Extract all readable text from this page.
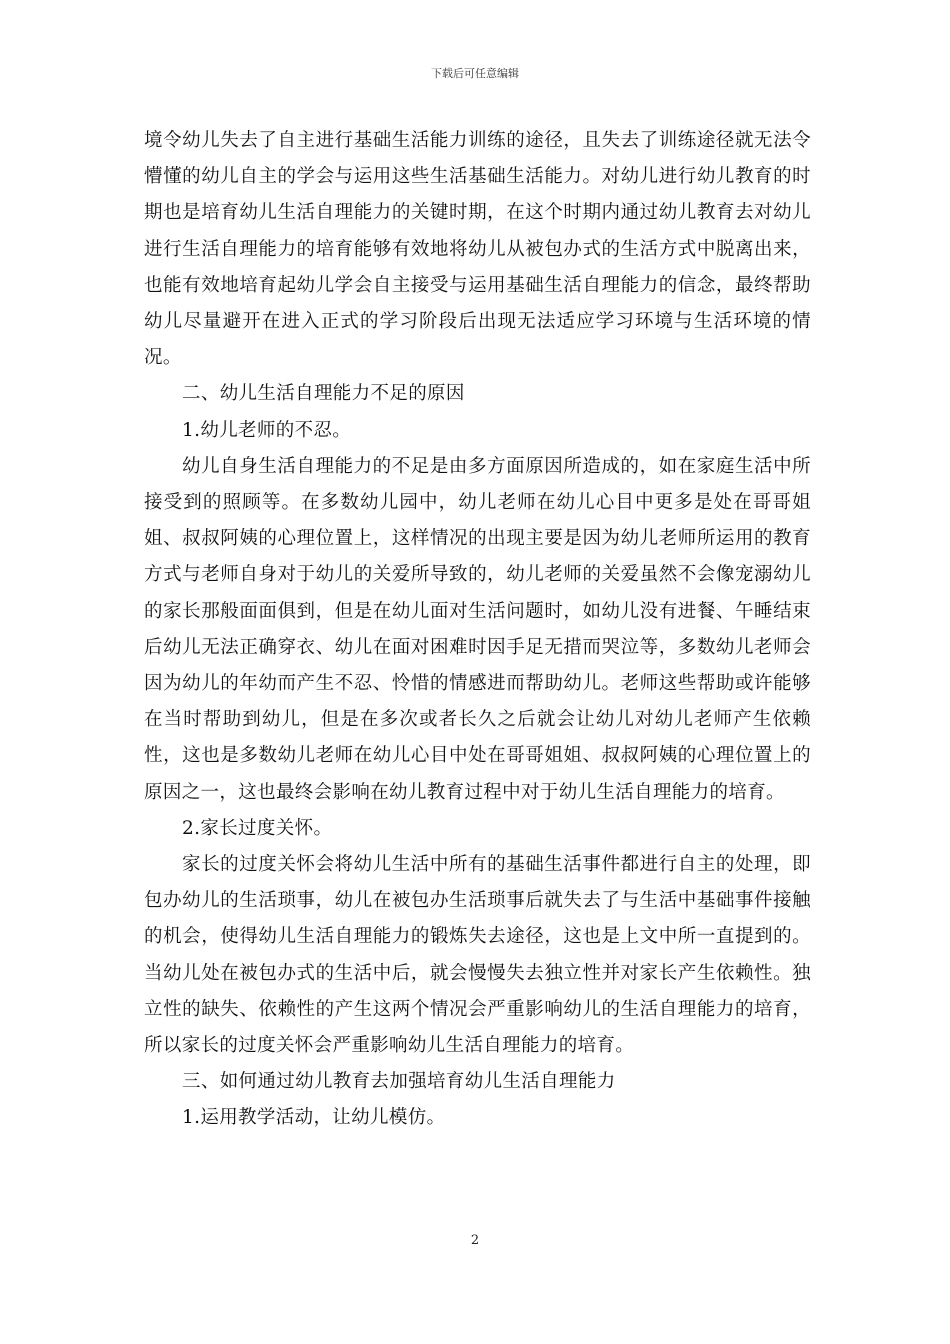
下载后可任意编辑

境令幼儿失去了自主进行基础生活能力训练的途径，且失去了训练途径就无法令懵懂的幼儿自主的学会与运用这些生活基础生活能力。对幼儿进行幼儿教育的时期也是培育幼儿生活自理能力的关键时期，在这个时期内通过幼儿教育去对幼儿进行生活自理能力的培育能够有效地将幼儿从被包办式的生活方式中脱离出来，也能有效地培育起幼儿学会自主接受与运用基础生活自理能力的信念，最终帮助幼儿尽量避开在进入正式的学习阶段后出现无法适应学习环境与生活环境的情况。

二、幼儿生活自理能力不足的原因

1.幼儿老师的不忍。

幼儿自身生活自理能力的不足是由多方面原因所造成的，如在家庭生活中所接受到的照顾等。在多数幼儿园中，幼儿老师在幼儿心目中更多是处在哥哥姐姐、叔叔阿姨的心理位置上，这样情况的出现主要是因为幼儿老师所运用的教育方式与老师自身对于幼儿的关爱所导致的，幼儿老师的关爱虽然不会像宠溺幼儿的家长那般面面俱到，但是在幼儿面对生活问题时，如幼儿没有进餐、午睡结束后幼儿无法正确穿衣、幼儿在面对困难时因手足无措而哭泣等，多数幼儿老师会因为幼儿的年幼而产生不忍、怜惜的情感进而帮助幼儿。老师这些帮助或许能够在当时帮助到幼儿，但是在多次或者长久之后就会让幼儿对幼儿老师产生依赖性，这也是多数幼儿老师在幼儿心目中处在哥哥姐姐、叔叔阿姨的心理位置上的原因之一，这也最终会影响在幼儿教育过程中对于幼儿生活自理能力的培育。

2.家长过度关怀。

家长的过度关怀会将幼儿生活中所有的基础生活事件都进行自主的处理，即包办幼儿的生活琐事，幼儿在被包办生活琐事后就失去了与生活中基础事件接触的机会，使得幼儿生活自理能力的锻炼失去途径，这也是上文中所一直提到的。当幼儿处在被包办式的生活中后，就会慢慢失去独立性并对家长产生依赖性。独立性的缺失、依赖性的产生这两个情况会严重影响幼儿的生活自理能力的培育，所以家长的过度关怀会严重影响幼儿生活自理能力的培育。

三、如何通过幼儿教育去加强培育幼儿生活自理能力

1.运用教学活动，让幼儿模仿。

2
